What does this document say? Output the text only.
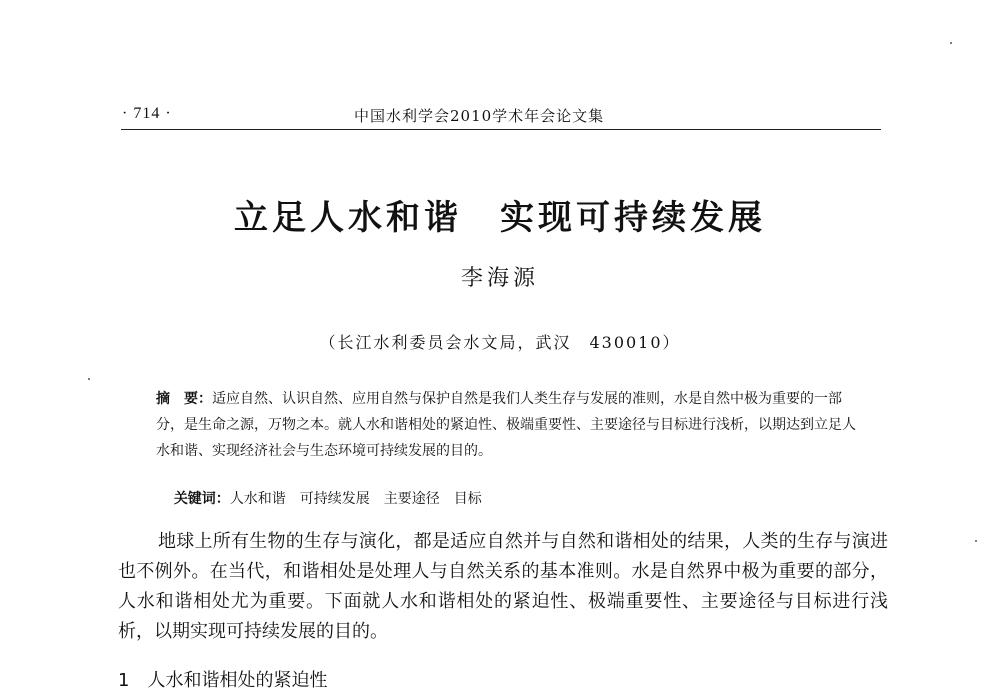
· 714 ·	中国水利学会2010学术年会论文集
立足人水和谐　实现可持续发展
李海源
（长江水利委员会水文局，武汉　430010）
摘　要：适应自然、认识自然、应用自然与保护自然是我们人类生存与发展的准则，水是自然中极为重要的一部分，是生命之源，万物之本。就人水和谐相处的紧迫性、极端重要性、主要途径与目标进行浅析，以期达到立足人水和谐、实现经济社会与生态环境可持续发展的目的。

关键词：人水和谐　可持续发展　主要途径　目标

地球上所有生物的生存与演化，都是适应自然并与自然和谐相处的结果，人类的生存与演进也不例外。在当代，和谐相处是处理人与自然关系的基本准则。水是自然界中极为重要的部分，人水和谐相处尤为重要。下面就人水和谐相处的紧迫性、极端重要性、主要途径与目标进行浅析，以期实现可持续发展的目的。
1　人水和谐相处的紧迫性
